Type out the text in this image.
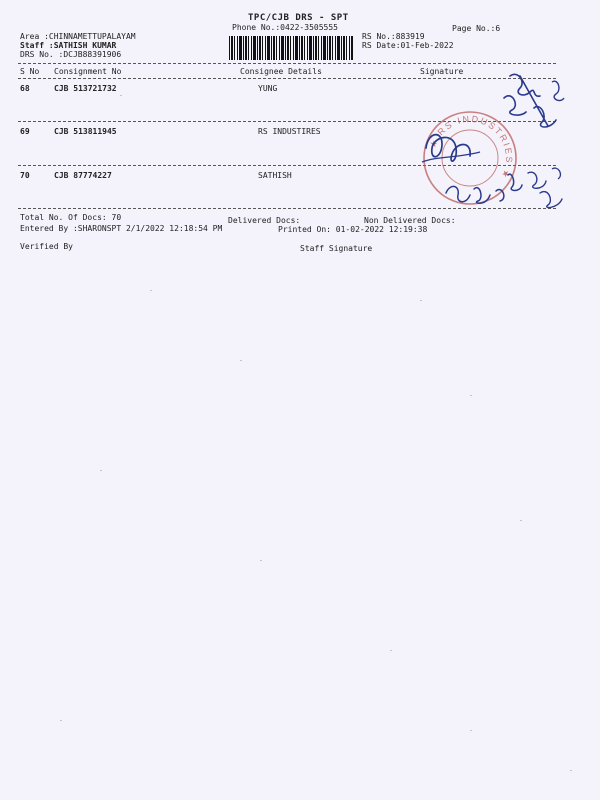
TPC/CJB DRS - SPT
Phone No.:0422-3505555	Page No.:6
Area :CHINNAMETTUPALAYAM
Staff :SATHISH KUMAR
DRS No. :DCJB88391906
RS No.:883919
RS Date:01-Feb-2022
S No Consignment No	Consignee Details	Signature
68	CJB 513721732	YUNG
69	CJB 513811945	RS INDUSTIRES
70	CJB 87774227	SATHISH
Total No. Of Docs: 70	Delivered Docs:	Non Delivered Docs:
Entered By :SHARONSPT 2/1/2022 12:18:54 PM	Printed On: 01-02-2022 12:19:38
Verified By	Staff Signature
★ RS INDUSTRIES ★
